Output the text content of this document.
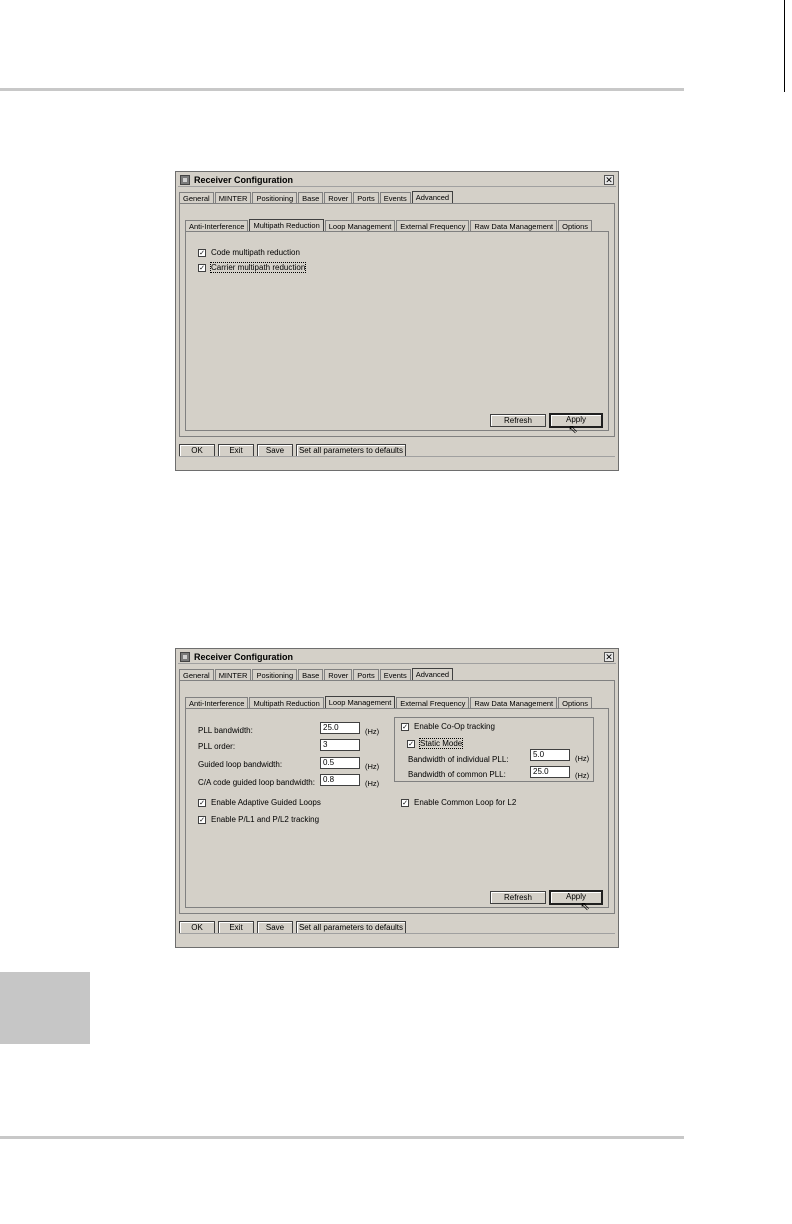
Receiver Configuration	✕
General	MINTER	Positioning	Base	Rover	Ports	Events	Advanced
Anti-Interference	Multipath Reduction	Loop Management	External Frequency	Raw Data Management	Options
✓
Code multipath reduction
✓
Carrier multipath reduction
Refresh	Apply
⇖
OK	Exit	Save	Set all parameters to defaults
Receiver Configuration	✕
General	MINTER	Positioning	Base	Rover	Ports	Events	Advanced
Anti-Interference	Multipath Reduction	Loop Management	External Frequency	Raw Data Management	Options
PLL bandwidth:	25.0	(Hz)
PLL order:	3
Guided loop bandwidth:	0.5	(Hz)
C/A code guided loop bandwidth:	0.8	(Hz)
✓
Enable Co-Op tracking
✓
Static Mode
Bandwidth of individual PLL:
5.0	(Hz)
Bandwidth of common PLL:	25.0	(Hz)
✓
Enable Adaptive Guided Loops
✓	Enable Common Loop for L2
✓
Enable P/L1 and P/L2 tracking
Refresh	Apply
⇖
OK	Exit	Save	Set all parameters to defaults
